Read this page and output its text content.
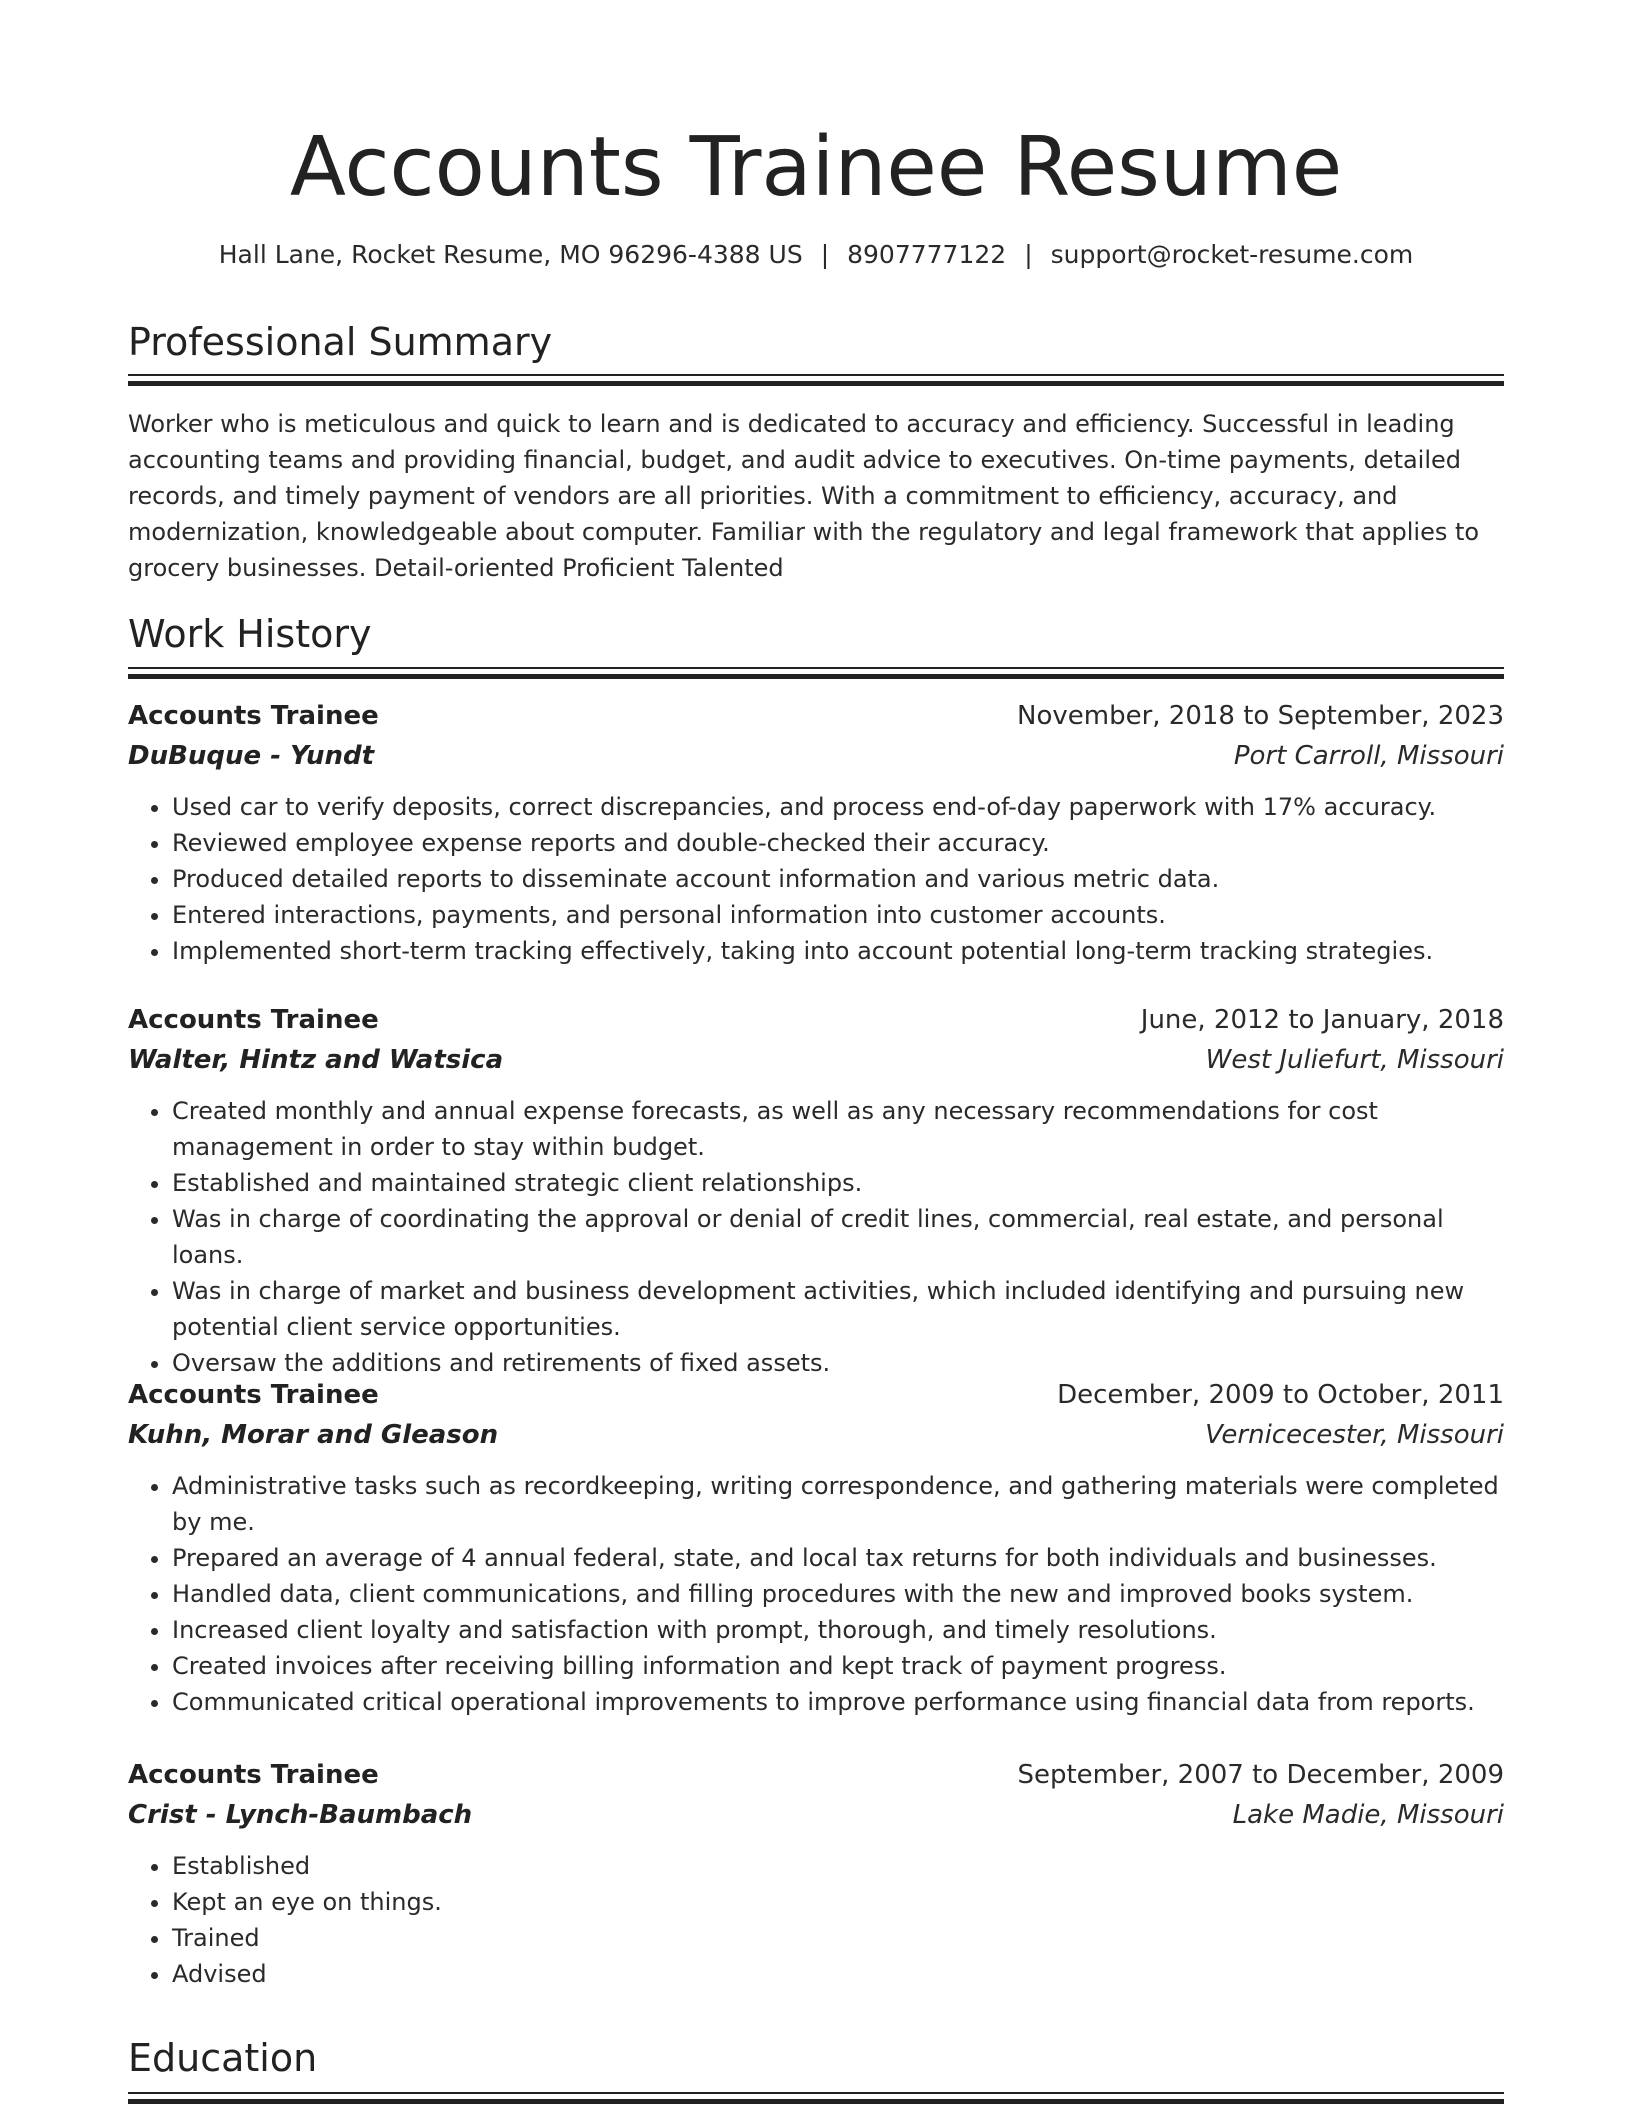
Accounts Trainee Resume
Hall Lane, Rocket Resume, MO 96296-4388 US | 8907777122 | support@rocket-resume.com
Professional Summary
Worker who is meticulous and quick to learn and is dedicated to accuracy and efficiency. Successful in leading accounting teams and providing financial, budget, and audit advice to executives. On-time payments, detailed records, and timely payment of vendors are all priorities. With a commitment to efficiency, accuracy, and modernization, knowledgeable about computer. Familiar with the regulatory and legal framework that applies to grocery businesses. Detail-oriented Proficient Talented
Work History
Accounts Trainee	November, 2018 to September, 2023
DuBuque - Yundt	Port Carroll, Missouri
• Used car to verify deposits, correct discrepancies, and process end-of-day paperwork with 17% accuracy.
• Reviewed employee expense reports and double-checked their accuracy.
• Produced detailed reports to disseminate account information and various metric data.
• Entered interactions, payments, and personal information into customer accounts.
• Implemented short-term tracking effectively, taking into account potential long-term tracking strategies.
Accounts Trainee	June, 2012 to January, 2018
Walter, Hintz and Watsica	West Juliefurt, Missouri
• Created monthly and annual expense forecasts, as well as any necessary recommendations for cost management in order to stay within budget.
• Established and maintained strategic client relationships.
• Was in charge of coordinating the approval or denial of credit lines, commercial, real estate, and personal loans.
• Was in charge of market and business development activities, which included identifying and pursuing new potential client service opportunities.
• Oversaw the additions and retirements of fixed assets.
Accounts Trainee	December, 2009 to October, 2011
Kuhn, Morar and Gleason	Vernicecester, Missouri
• Administrative tasks such as recordkeeping, writing correspondence, and gathering materials were completed by me.
• Prepared an average of 4 annual federal, state, and local tax returns for both individuals and businesses.
• Handled data, client communications, and filling procedures with the new and improved books system.
• Increased client loyalty and satisfaction with prompt, thorough, and timely resolutions.
• Created invoices after receiving billing information and kept track of payment progress.
• Communicated critical operational improvements to improve performance using financial data from reports.
Accounts Trainee	September, 2007 to December, 2009
Crist - Lynch-Baumbach	Lake Madie, Missouri
• Established
• Kept an eye on things.
• Trained
• Advised
Education
